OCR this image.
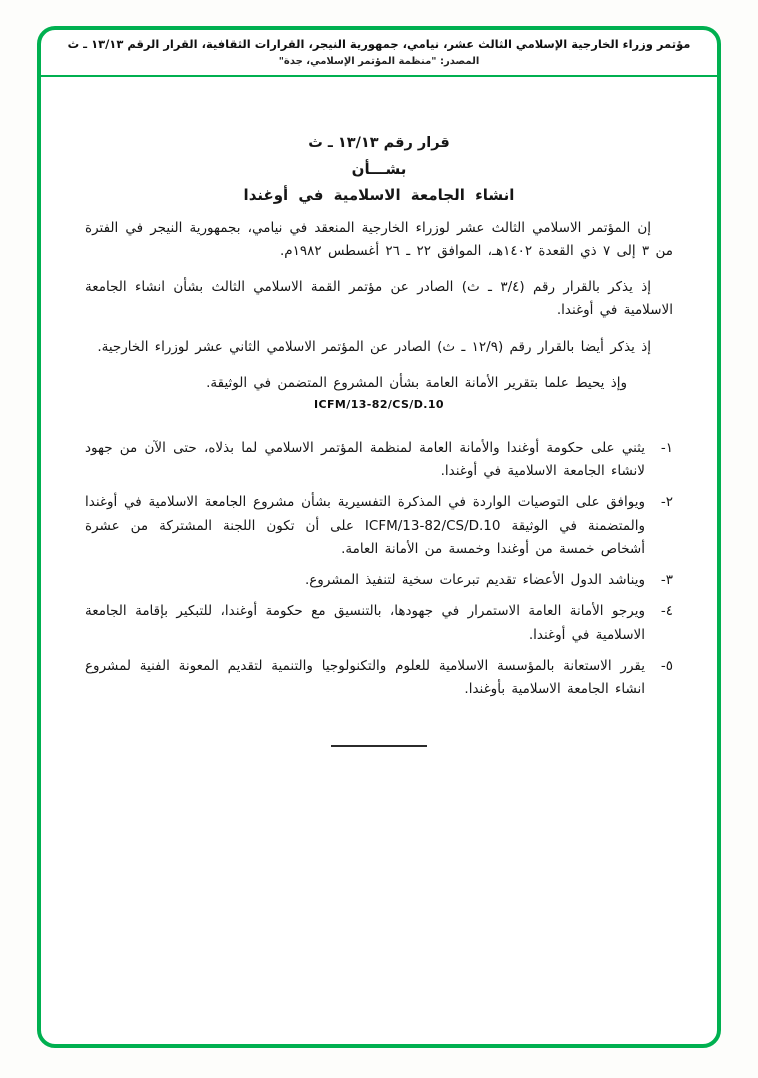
مؤتمر وزراء الخارجية الإسلامي الثالث عشر، نيامي، جمهورية النيجر، القرارات الثقافية، القرار الرقم ١٣/١٣ ـ ث
المصدر: "منظمة المؤتمر الإسلامي، جدة"
قرار رقم ١٣/١٣ ـ ث
بشـــأن
انشاء الجامعة الاسلامية في أوغندا

إن المؤتمر الاسلامي الثالث عشر لوزراء الخارجية المنعقد في نيامي، بجمهورية النيجر في الفترة من ٣ إلى ٧ ذي القعدة ١٤٠٢هـ، الموافق ٢٢ ـ ٢٦ أغسطس ١٩٨٢م.

إذ يذكر بالقرار رقم (٣/٤ ـ ث) الصادر عن مؤتمر القمة الاسلامي الثالث بشأن انشاء الجامعة الاسلامية في أوغندا.

إذ يذكر أيضا بالقرار رقم (١٢/٩ ـ ث) الصادر عن المؤتمر الاسلامي الثاني عشر لوزراء الخارجية.

وإذ يحيط علما بتقرير الأمانة العامة بشأن المشروع المتضمن في الوثيقة.

ICFM/13-82/CS/D.10
١-
يثني على حكومة أوغندا والأمانة العامة لمنظمة المؤتمر الاسلامي لما بذلاه، حتى الآن من جهود لانشاء الجامعة الاسلامية في أوغندا.
٢-
ويوافق على التوصيات الواردة في المذكرة التفسيرية بشأن مشروع الجامعة الاسلامية في أوغندا والمتضمنة في الوثيقة ICFM/13-82/CS/D.10 على أن تكون اللجنة المشتركة من عشرة أشخاص خمسة من أوغندا وخمسة من الأمانة العامة.
٣-
ويناشد الدول الأعضاء تقديم تبرعات سخية لتنفيذ المشروع.
٤-
ويرجو الأمانة العامة الاستمرار في جهودها، بالتنسيق مع حكومة أوغندا، للتبكير بإقامة الجامعة الاسلامية في أوغندا.
٥-
يقرر الاستعانة بالمؤسسة الاسلامية للعلوم والتكنولوجيا والتنمية لتقديم المعونة الفنية لمشروع انشاء الجامعة الاسلامية بأوغندا.
